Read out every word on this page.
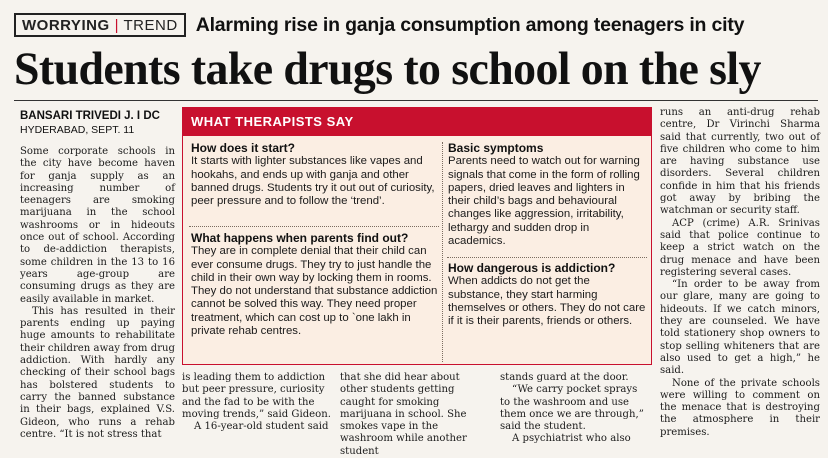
WORRYING | TREND Alarming rise in ganja consumption among teenagers in city
Students take drugs to school on the sly
BANSARI TRIVEDI J. I DC
HYDERABAD, SEPT. 11

Some corporate schools in the city have become haven for ganja supply as an increasing number of teenagers are smoking marijuana in the school washrooms or in hideouts once out of school. According to de-addiction therapists, some children in the 13 to 16 years age-group are consuming drugs as they are easily available in market.

This has resulted in their parents ending up paying huge amounts to rehabilitate their children away from drug addiction. With hardly any checking of their school bags has bolstered students to carry the banned substance in their bags, explained V.S. Gideon, who runs a rehab centre. “It is not stress that

WHAT THERAPISTS SAY
How does it start?

It starts with lighter substances like vapes and hookahs, and ends up with ganja and other banned drugs. Students try it out out of curiosity, peer pressure and to follow the ‘trend’.

What happens when parents find out?

They are in complete denial that their child can ever consume drugs. They try to just handle the child in their own way by locking them in rooms. They do not understand that substance addiction cannot be solved this way. They need proper treatment, which can cost up to `one lakh in private rehab centres.

Basic symptoms

Parents need to watch out for warning signals that come in the form of rolling papers, dried leaves and lighters in their child’s bags and behavioural changes like aggression, irritability, lethargy and sudden drop in academics.

How dangerous is addiction?

When addicts do not get the substance, they start harming themselves or others. They do not care if it is their parents, friends or others.

is leading them to addiction but peer pressure, curiosity and the fad to be with the moving trends,” said Gideon.

A 16-year-old student said

that she did hear about other students getting caught for smoking marijuana in school. She smokes vape in the washroom while another student

stands guard at the door.

“We carry pocket sprays to the washroom and use them once we are through,” said the student.

A psychiatrist who also

runs an anti-drug rehab centre, Dr Virinchi Sharma said that currently, two out of five children who come to him are having substance use disorders. Several children confide in him that his friends got away by bribing the watchman or security staff.

ACP (crime) A.R. Srinivas said that police continue to keep a strict watch on the drug menace and have been registering several cases.

“In order to be away from our glare, many are going to hideouts. If we catch minors, they are counseled. We have told stationery shop owners to stop selling whiteners that are also used to get a high,” he said.

None of the private schools were willing to comment on the menace that is destroying the atmosphere in their premises.
